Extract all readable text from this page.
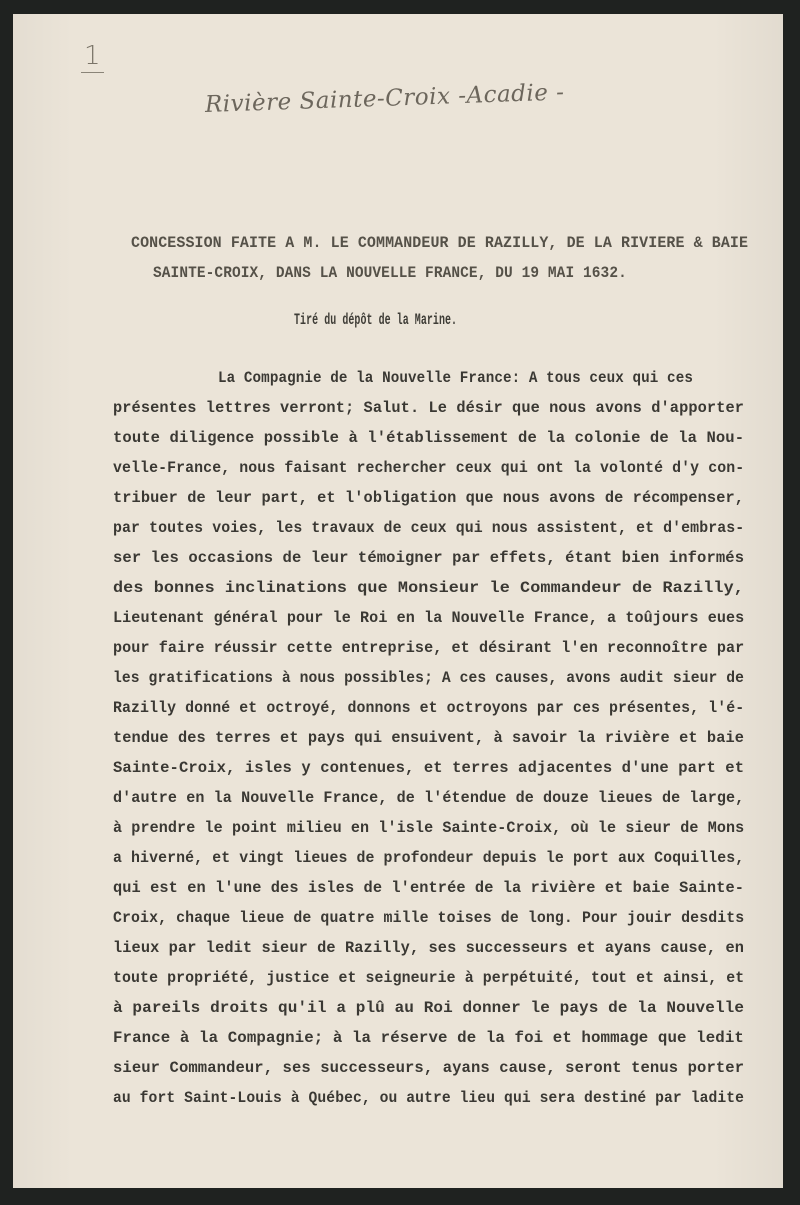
1
Rivière Sainte-Croix -Acadie -
CONCESSION FAITE A M. LE COMMANDEUR DE RAZILLY, DE LA RIVIERE & BAIE
SAINTE-CROIX, DANS LA NOUVELLE FRANCE, DU 19 MAI 1632.
Tiré du dépôt de la Marine.
La Compagnie de la Nouvelle France: A tous ceux qui ces
présentes lettres verront; Salut. Le désir que nous avons d'apporter
toute diligence possible à l'établissement de la colonie de la Nou-
velle-France, nous faisant rechercher ceux qui ont la volonté d'y con-
tribuer de leur part, et l'obligation que nous avons de récompenser,
par toutes voies, les travaux de ceux qui nous assistent, et d'embras-
ser les occasions de leur témoigner par effets, étant bien informés
des bonnes inclinations que Monsieur le Commandeur de Razilly,
Lieutenant général pour le Roi en la Nouvelle France, a toûjours eues
pour faire réussir cette entreprise, et désirant l'en reconnoître par
les gratifications à nous possibles; A ces causes, avons audit sieur de
Razilly donné et octroyé, donnons et octroyons par ces présentes, l'é-
tendue des terres et pays qui ensuivent, à savoir la rivière et baie
Sainte-Croix, isles y contenues, et terres adjacentes d'une part et
d'autre en la Nouvelle France, de l'étendue de douze lieues de large,
à prendre le point milieu en l'isle Sainte-Croix, où le sieur de Mons
a hiverné, et vingt lieues de profondeur depuis le port aux Coquilles,
qui est en l'une des isles de l'entrée de la rivière et baie Sainte-
Croix, chaque lieue de quatre mille toises de long. Pour jouir desdits
lieux par ledit sieur de Razilly, ses successeurs et ayans cause, en
toute propriété, justice et seigneurie à perpétuité, tout et ainsi, et
à pareils droits qu'il a plû au Roi donner le pays de la Nouvelle
France à la Compagnie; à la réserve de la foi et hommage que ledit
sieur Commandeur, ses successeurs, ayans cause, seront tenus porter
au fort Saint-Louis à Québec, ou autre lieu qui sera destiné par ladite
